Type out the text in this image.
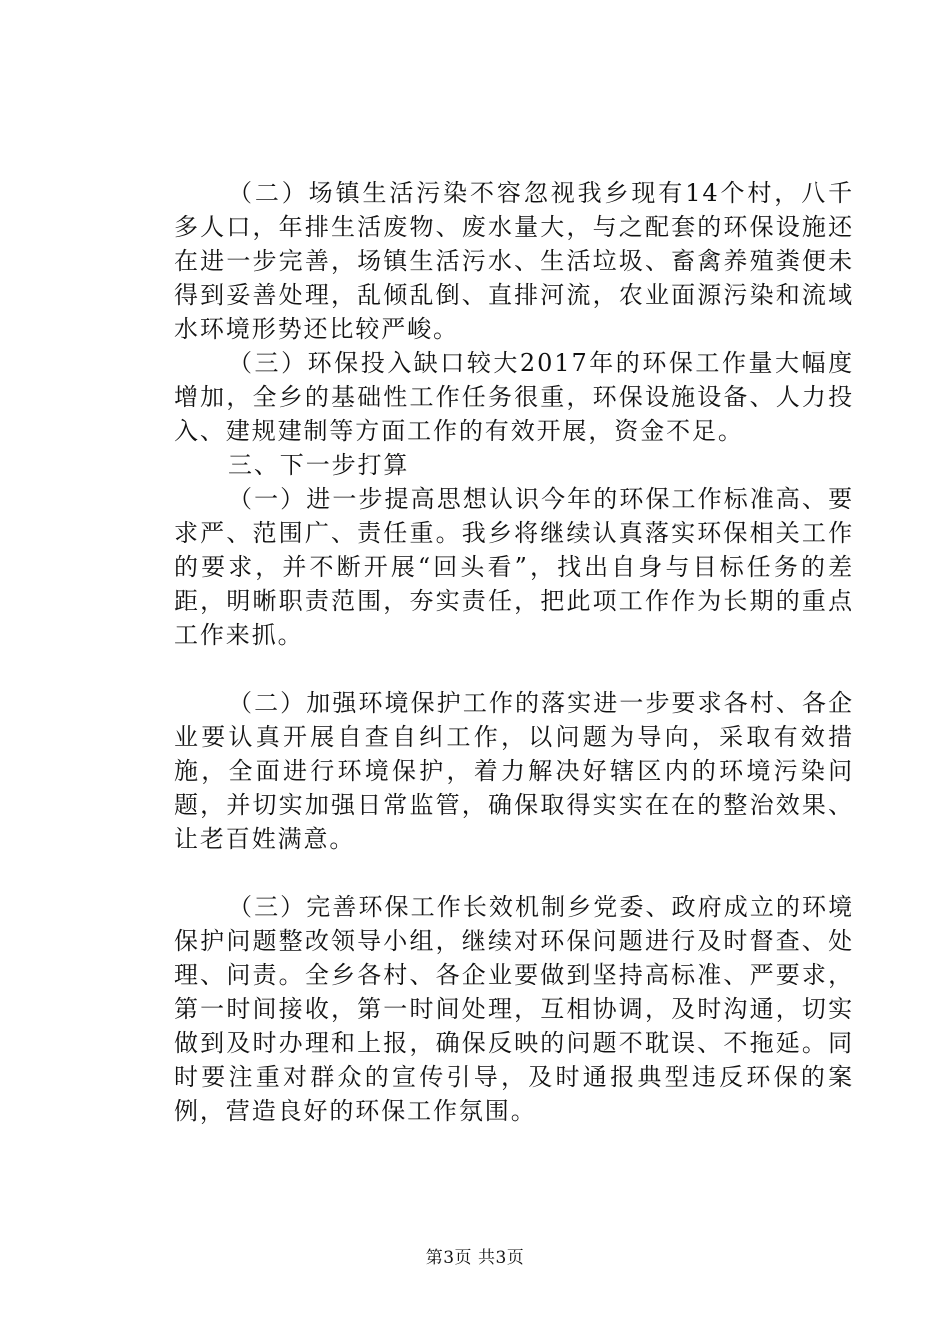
（二）场镇生活污染不容忽视我乡现有14个村，八千多人口，年排生活废物、废水量大，与之配套的环保设施还在进一步完善，场镇生活污水、生活垃圾、畜禽养殖粪便未得到妥善处理，乱倾乱倒、直排河流，农业面源污染和流域水环境形势还比较严峻。

（三）环保投入缺口较大2017年的环保工作量大幅度增加，全乡的基础性工作任务很重，环保设施设备、人力投入、建规建制等方面工作的有效开展，资金不足。

三、下一步打算

（一）进一步提高思想认识今年的环保工作标准高、要求严、范围广、责任重。我乡将继续认真落实环保相关工作的要求，并不断开展“回头看”，找出自身与目标任务的差距，明晰职责范围，夯实责任，把此项工作作为长期的重点工作来抓。

（二）加强环境保护工作的落实进一步要求各村、各企业要认真开展自查自纠工作，以问题为导向，采取有效措施，全面进行环境保护，着力解决好辖区内的环境污染问题，并切实加强日常监管，确保取得实实在在的整治效果、让老百姓满意。

（三）完善环保工作长效机制乡党委、政府成立的环境保护问题整改领导小组，继续对环保问题进行及时督查、处理、问责。全乡各村、各企业要做到坚持高标准、严要求，第一时间接收，第一时间处理，互相协调，及时沟通，切实做到及时办理和上报，确保反映的问题不耽误、不拖延。同时要注重对群众的宣传引导，及时通报典型违反环保的案例，营造良好的环保工作氛围。

第3页 共3页
